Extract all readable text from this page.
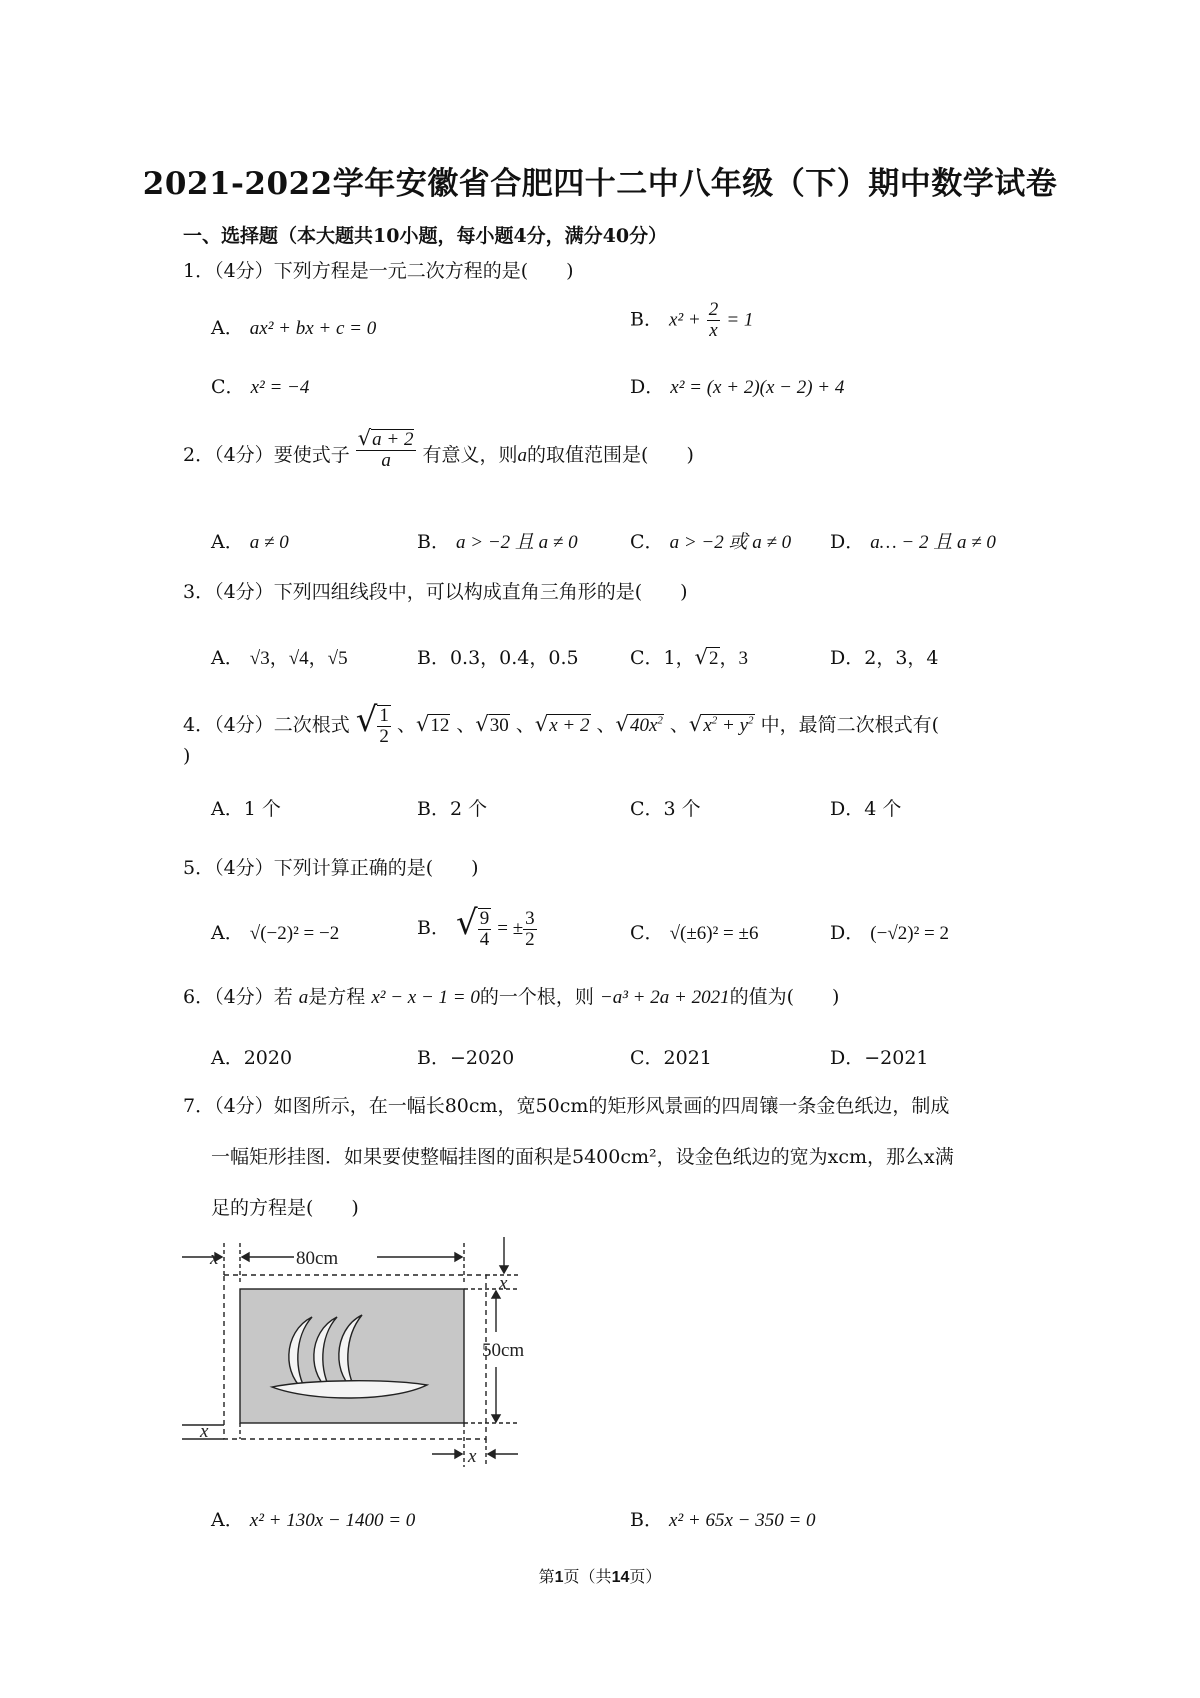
2021-2022学年安徽省合肥四十二中八年级（下）期中数学试卷
一、选择题（本大题共10小题，每小题4分，满分40分）
1．（4分）下列方程是一元二次方程的是(　　)
A． ax² + bx + c = 0	B． $x^2 + \frac{2}{x} = 1$
C． x² = −4	D． x² = (x + 2)(x − 2) + 4
2．（4分）要使式子 $\frac{√a + 2}{a}$ 有意义，则a的取值范围是(　　)
A． a ≠ 0	B． a > −2 且 a ≠ 0	C． a > −2 或 a ≠ 0 D． a… − 2 且 a ≠ 0
3．（4分）下列四组线段中，可以构成直角三角形的是(　　)
A． √3，√4，√5	B．0.3，0.4，0.5	C．1，√2，3	D．2，3，4
4．（4分）二次根式 √ $\frac{1}{2}$ 、√12 、√30 、√x + 2 、$√40x^2$ 、$√x^2 + y^2$ 中，最简二次根式有(
)
A．1 个	B．2 个	C．3 个	D．4 个
5．（4分）下列计算正确的是(　　)
A． √(−2)² = −2	B． √ $\frac{9}{4}$ = ± $\frac{3}{2}$	C． √(±6)² = ±6	D． (−√2)² = 2
6．（4分）若 a是方程 x² − x − 1 = 0的一个根，则 −a³ + 2a + 2021的值为(　　)
A．2020	B．−2020	C．2021	D．−2021
7．（4分）如图所示，在一幅长80cm，宽50cm的矩形风景画的四周镶一条金色纸边，制成
一幅矩形挂图．如果要使整幅挂图的面积是5400cm²，设金色纸边的宽为xcm，那么x满
足的方程是(　　)
x	80cm
x
50cm
x
x
A． x² + 130x − 1400 = 0	B． x² + 65x − 350 = 0
第1页（共14页）
